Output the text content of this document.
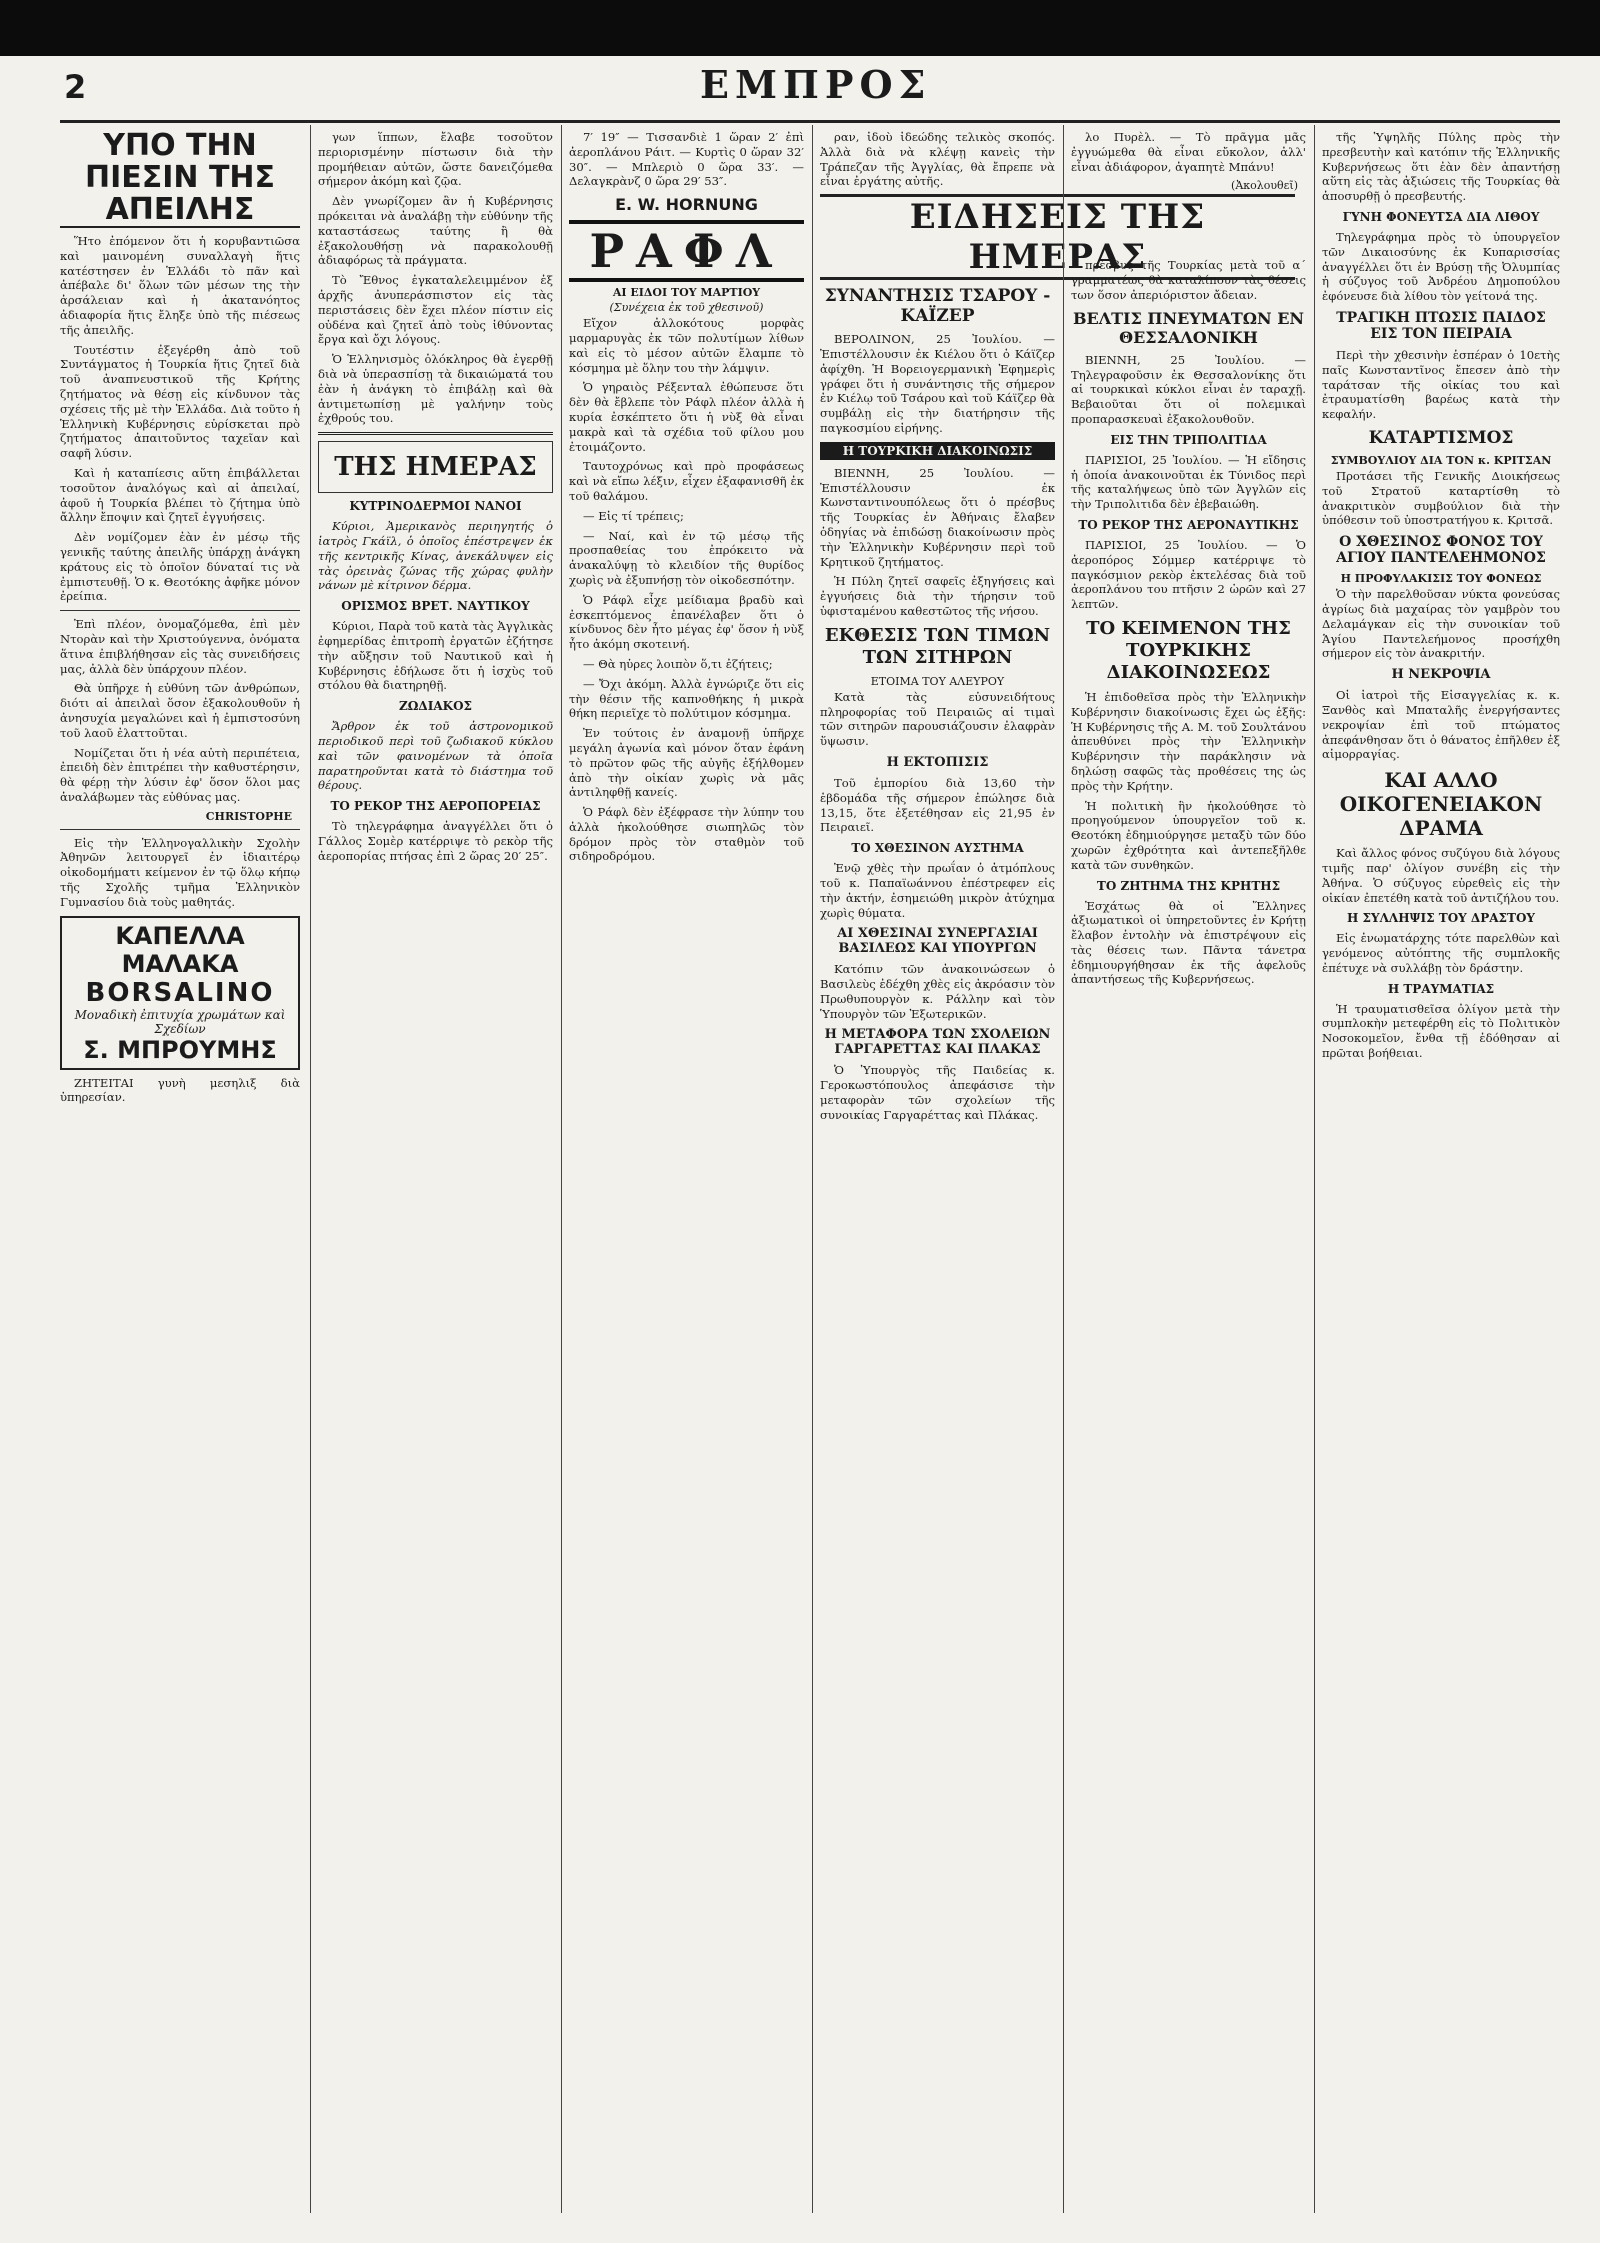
2	ΕΜΠΡΟΣ
ΥΠΟ ΤΗΝ ΠΙΕΣΙΝ ΤΗΣ ΑΠΕΙΛΗΣ

Ἥτο ἐπόμενον ὅτι ἡ κορυβαντιῶσα καὶ μαινομένη συναλλαγὴ ἥτις κατέστησεν ἐν Ἑλλάδι τὸ πᾶν καὶ ἀπέβαλε δι' ὅλων τῶν μέσων της τὴν ἀρσάλειαν καὶ ἡ ἀκατανόητος ἀδιαφορία ἥτις ἔληξε ὑπὸ τῆς πιέσεως τῆς ἀπειλῆς.

Τουτέστιν ἐξεγέρθη ἀπὸ τοῦ Συντάγματος ἡ Τουρκία ἥτις ζητεῖ διὰ τοῦ ἀναπνευστικοῦ τῆς Κρήτης ζητήματος νὰ θέσῃ εἰς κίνδυνον τὰς σχέσεις τῆς μὲ τὴν Ἑλλάδα. Διὰ τοῦτο ἡ Ἑλληνικὴ Κυβέρνησις εὑρίσκεται πρὸ ζητήματος ἀπαιτοῦντος ταχεῖαν καὶ σαφῆ λύσιν.

Καὶ ἡ καταπίεσις αὕτη ἐπιβάλλεται τοσοῦτον ἀναλόγως καὶ αἱ ἀπειλαί, ἀφοῦ ἡ Τουρκία βλέπει τὸ ζήτημα ὑπὸ ἄλλην ἔποψιν καὶ ζητεῖ ἐγγυήσεις.

Δὲν νομίζομεν ἐὰν ἐν μέσῳ τῆς γενικῆς ταύτης ἀπειλῆς ὑπάρχῃ ἀνάγκη κράτους εἰς τὸ ὁποῖον δύναταί τις νὰ ἐμπιστευθῇ. Ὁ κ. Θεοτόκης ἀφῆκε μόνον ἐρείπια.

Ἐπὶ πλέον, ὀνομαζόμεθα, ἐπὶ μὲν Ντορὰν καὶ τὴν Χριστούγεννα, ὀνόματα ἅτινα ἐπιβλήθησαν εἰς τὰς συνειδήσεις μας, ἀλλὰ δὲν ὑπάρχουν πλέον.

Θὰ ὑπῆρχε ἡ εὐθύνη τῶν ἀνθρώπων, διότι αἱ ἀπειλαὶ ὅσον ἐξακολουθοῦν ἡ ἀνησυχία μεγαλώνει καὶ ἡ ἐμπιστοσύνη τοῦ λαοῦ ἐλαττοῦται.

Νομίζεται ὅτι ἡ νέα αὐτὴ περιπέτεια, ἐπειδὴ δὲν ἐπιτρέπει τὴν καθυστέρησιν, θὰ φέρῃ τὴν λύσιν ἐφ' ὅσον ὅλοι μας ἀναλάβωμεν τὰς εὐθύνας μας.

CHRISTOPHE

Εἰς τὴν Ἑλληνογαλλικὴν Σχολὴν Ἀθηνῶν λειτουργεῖ ἐν ἰδιαιτέρῳ οἰκοδομήματι κείμενον ἐν τῷ ὅλῳ κήπῳ τῆς Σχολῆς τμῆμα Ἑλληνικὸν Γυμνασίου διὰ τοὺς μαθητάς.

ΚΑΠΕΛΛΑ ΜΑΛΑΚΑ
BORSALINO
Μοναδικὴ ἐπιτυχία χρωμάτων καὶ Σχεδίων
Σ. ΜΠΡΟΥΜΗΣ

ΖΗΤΕΙΤΑΙ γυνὴ μεσηλιξ διὰ ὑπηρεσίαν.

γων ἵππων, ἔλαβε τοσοῦτον περιορισμένην πίστωσιν διὰ τὴν προμήθειαν αὐτῶν, ὥστε δανειζόμεθα σήμερον ἀκόμη καὶ ζῷα.

Δὲν γνωρίζομεν ἂν ἡ Κυβέρνησις πρόκειται νὰ ἀναλάβῃ τὴν εὐθύνην τῆς καταστάσεως ταύτης ἢ θὰ ἐξακολουθήσῃ νὰ παρακολουθῇ ἀδιαφόρως τὰ πράγματα.

Τὸ Ἔθνος ἐγκαταλελειμμένον ἐξ ἀρχῆς ἀνυπεράσπιστον εἰς τὰς περιστάσεις δὲν ἔχει πλέον πίστιν εἰς οὐδένα καὶ ζητεῖ ἀπὸ τοὺς ἰθύνοντας ἔργα καὶ ὄχι λόγους.

Ὁ Ἑλληνισμὸς ὁλόκληρος θὰ ἐγερθῇ διὰ νὰ ὑπερασπίσῃ τὰ δικαιώματά του ἐὰν ἡ ἀνάγκη τὸ ἐπιβάλῃ καὶ θὰ ἀντιμετωπίσῃ μὲ γαλήνην τοὺς ἐχθρούς του.

ΤΗΣ ΗΜΕΡΑΣ
ΚΥΤΡΙΝΟΔΕΡΜΟΙ ΝΑΝΟΙ

Κύριοι, Ἀμερικανὸς περιηγητής ὁ ἰατρὸς Γκάϊλ, ὁ ὁποῖος ἐπέστρεψεν ἐκ τῆς κεντρικῆς Κίνας, ἀνεκάλυψεν εἰς τὰς ὀρεινὰς ζώνας τῆς χώρας φυλὴν νάνων μὲ κίτρινον δέρμα.

ΟΡΙΣΜΟΣ ΒΡΕΤ. ΝΑΥΤΙΚΟΥ

Κύριοι, Παρὰ τοῦ κατὰ τὰς Ἀγγλικὰς ἐφημερίδας ἐπιτροπὴ ἐργατῶν ἐζήτησε τὴν αὔξησιν τοῦ Ναυτικοῦ καὶ ἡ Κυβέρνησις ἐδήλωσε ὅτι ἡ ἰσχὺς τοῦ στόλου θὰ διατηρηθῇ.

ΖΩΔΙΑΚΟΣ

Ἄρθρον ἐκ τοῦ ἀστρονομικοῦ περιοδικοῦ περὶ τοῦ ζωδιακοῦ κύκλου καὶ τῶν φαινομένων τὰ ὁποῖα παρατηροῦνται κατὰ τὸ διάστημα τοῦ θέρους.

ΤΟ ΡΕΚΟΡ ΤΗΣ ΑΕΡΟΠΟΡΕΙΑΣ

Τὸ τηλεγράφημα ἀναγγέλλει ὅτι ὁ Γάλλος Σομὲρ κατέρριψε τὸ ρεκὸρ τῆς ἀεροπορίας πτήσας ἐπὶ 2 ὥρας 20′ 25″.

7′ 19″ — Τισσανδιὲ 1 ὥραν 2′ ἐπὶ ἀεροπλάνου Ράιτ. — Κυρτὶς 0 ὥραν 32′ 30″. — Μπλεριὸ 0 ὥρα 33′. — Δελαγκρὰνζ 0 ὥρα 29′ 53″.

E. W. HORNUNG
ΡΑΦΛ
ΑΙ ΕΙΔΟΙ ΤΟΥ ΜΑΡΤΙΟΥ
(Συνέχεια ἐκ τοῦ χθεσινοῦ)

Εἴχον ἀλλοκότους μορφὰς μαρμαρυγὰς ἐκ τῶν πολυτίμων λίθων καὶ εἰς τὸ μέσον αὐτῶν ἔλαμπε τὸ κόσμημα μὲ ὅλην του τὴν λάμψιν.

Ὁ γηραιὸς Ρέξενταλ ἐθώπευσε ὅτι δὲν θὰ ἔβλεπε τὸν Ράφλ πλέον ἀλλὰ ἡ κυρία ἐσκέπτετο ὅτι ἡ νὺξ θὰ εἶναι μακρὰ καὶ τὰ σχέδια τοῦ φίλου μου ἐτοιμάζοντο.

Ταυτοχρόνως καὶ πρὸ προφάσεως καὶ νὰ εἴπω λέξιν, εἶχεν ἐξαφανισθῆ ἐκ τοῦ θαλάμου.

— Εἰς τί τρέπεις;

— Ναί, καὶ ἐν τῷ μέσῳ τῆς προσπαθείας του ἐπρόκειτο νὰ ἀνακαλύψῃ τὸ κλειδίον τῆς θυρίδος χωρὶς νὰ ἐξυπνήσῃ τὸν οἰκοδεσπότην.

Ὁ Ράφλ εἶχε μείδιαμα βραδὺ καὶ ἐσκεπτόμενος ἐπανέλαβεν ὅτι ὁ κίνδυνος δὲν ἦτο μέγας ἐφ' ὅσον ἡ νὺξ ἦτο ἀκόμη σκοτεινή.

— Θὰ ηὑρες λοιπὸν ὅ,τι ἐζήτεις;

— Ὄχι ἀκόμη. Ἀλλὰ ἐγνώριζε ὅτι εἰς τὴν θέσιν τῆς καπνοθήκης ἡ μικρὰ θήκη περιεῖχε τὸ πολύτιμον κόσμημα.

Ἐν τούτοις ἐν ἀναμονῇ ὑπῆρχε μεγάλη ἀγωνία καὶ μόνον ὅταν ἐφάνη τὸ πρῶτον φῶς τῆς αὐγῆς ἐξήλθομεν ἀπὸ τὴν οἰκίαν χωρὶς νὰ μᾶς ἀντιληφθῇ κανείς.

Ὁ Ράφλ δὲν ἐξέφρασε τὴν λύπην του ἀλλὰ ἠκολούθησε σιωπηλῶς τὸν δρόμον πρὸς τὸν σταθμὸν τοῦ σιδηροδρόμου.

ραν, ἰδοὺ ἰδεώδης τελικὸς σκοπός. Ἀλλὰ διὰ νὰ κλέψῃ κανεὶς τὴν Τράπεζαν τῆς Ἀγγλίας, θὰ ἔπρεπε νὰ εἶναι ἐργάτης αὐτῆς.

ΕΙΔΗΣΕΙΣ ΤΗΣ ΗΜΕΡΑΣ
ΣΥΝΑΝΤΗΣΙΣ ΤΣΑΡΟΥ - ΚΑΪΖΕΡ

ΒΕΡΟΛΙΝΟΝ, 25 Ἰουλίου. — Ἐπιστέλλουσιν ἐκ Κιέλου ὅτι ὁ Κάϊζερ ἀφίχθη. Ἡ Βορειογερμανικὴ Ἐφημερὶς γράφει ὅτι ἡ συνάντησις τῆς σήμερον ἐν Κιέλῳ τοῦ Τσάρου καὶ τοῦ Κάϊζερ θὰ συμβάλῃ εἰς τὴν διατήρησιν τῆς παγκοσμίου εἰρήνης.

Η ΤΟΥΡΚΙΚΗ ΔΙΑΚΟΙΝΩΣΙΣ

ΒΙΕΝΝΗ, 25 Ἰουλίου. — Ἐπιστέλλουσιν ἐκ Κωνσταντινουπόλεως ὅτι ὁ πρέσβυς τῆς Τουρκίας ἐν Ἀθήναις ἔλαβεν ὁδηγίας νὰ ἐπιδώσῃ διακοίνωσιν πρὸς τὴν Ἑλληνικὴν Κυβέρνησιν περὶ τοῦ Κρητικοῦ ζητήματος.

Ἡ Πύλη ζητεῖ σαφεῖς ἐξηγήσεις καὶ ἐγγυήσεις διὰ τὴν τήρησιν τοῦ ὑφισταμένου καθεστῶτος τῆς νήσου.

ΕΚΘΕΣΙΣ ΤΩΝ ΤΙΜΩΝ ΤΩΝ ΣΙΤΗΡΩΝ
ΕΤΟΙΜΑ ΤΟΥ ΑΛΕΥΡΟΥ

Κατὰ τὰς εὐσυνειδήτους πληροφορίας τοῦ Πειραιῶς αἱ τιμαὶ τῶν σιτηρῶν παρουσιάζουσιν ἐλαφρὰν ὕψωσιν.

Η ΕΚΤΟΠΙΣΙΣ

Τοῦ ἐμπορίου διὰ 13,60 τὴν ἑβδομάδα τῆς σήμερον ἐπώλησε διὰ 13,15, ὅτε ἐξετέθησαν εἰς 21,95 ἐν Πειραιεῖ.

ΤΟ ΧΘΕΣΙΝΟΝ ΑΥΣΤΗΜΑ

Ἐνῷ χθὲς τὴν πρωΐαν ὁ ἀτμόπλους τοῦ κ. Παπαϊωάννου ἐπέστρεφεν εἰς τὴν ἀκτήν, ἐσημειώθη μικρὸν ἀτύχημα χωρὶς θύματα.

ΑΙ ΧΘΕΣΙΝΑΙ ΣΥΝΕΡΓΑΣΙΑΙ ΒΑΣΙΛΕΩΣ ΚΑΙ ΥΠΟΥΡΓΩΝ

Κατόπιν τῶν ἀνακοινώσεων ὁ Βασιλεὺς ἐδέχθη χθὲς εἰς ἀκρόασιν τὸν Πρωθυπουργὸν κ. Ράλλην καὶ τὸν Ὑπουργὸν τῶν Ἐξωτερικῶν.

Η ΜΕΤΑΦΟΡΑ ΤΩΝ ΣΧΟΛΕΙΩΝ ΓΑΡΓΑΡΕΤΤΑΣ ΚΑΙ ΠΛΑΚΑΣ

Ὁ Ὑπουργὸς τῆς Παιδείας κ. Γεροκωστόπουλος ἀπεφάσισε τὴν μεταφορὰν τῶν σχολείων τῆς συνοικίας Γαργαρέττας καὶ Πλάκας.

λο Πυρὲλ. — Τὸ πρᾶγμα μᾶς ἐγγυώμεθα θὰ εἶναι εὔκολον, ἀλλ' εἶναι ἀδιάφορον, ἀγαπητὲ Μπάνυ!

(Ἀκολουθεῖ)

πρέσβυς τῆς Τουρκίας μετὰ τοῦ α΄ γραμματέως θὰ καταλίπουν τὰς θέσεις των ὅσον ἀπεριόριστον ἄδειαν.

ΒΕΛΤΙΣ ΠΝΕΥΜΑΤΩΝ ΕΝ ΘΕΣΣΑΛΟΝΙΚΗ

ΒΙΕΝΝΗ, 25 Ἰουλίου. — Τηλεγραφοῦσιν ἐκ Θεσσαλονίκης ὅτι αἱ τουρκικαὶ κύκλοι εἶναι ἐν ταραχῇ. Βεβαιοῦται ὅτι οἱ πολεμικαὶ προπαρασκευαὶ ἐξακολουθοῦν.

ΕΙΣ ΤΗΝ ΤΡΙΠΟΛΙΤΙΔΑ

ΠΑΡΙΣΙΟΙ, 25 Ἰουλίου. — Ἡ εἴδησις ἡ ὁποία ἀνακοινοῦται ἐκ Τύνιδος περὶ τῆς καταλήψεως ὑπὸ τῶν Ἀγγλῶν εἰς τὴν Τριπολιτιδα δὲν ἐβεβαιώθη.

ΤΟ ΡΕΚΟΡ ΤΗΣ ΑΕΡΟΝΑΥΤΙΚΗΣ

ΠΑΡΙΣΙΟΙ, 25 Ἰουλίου. — Ὁ ἀεροπόρος Σόμμερ κατέρριψε τὸ παγκόσμιον ρεκὸρ ἐκτελέσας διὰ τοῦ ἀεροπλάνου του πτῆσιν 2 ὡρῶν καὶ 27 λεπτῶν.

ΤΟ ΚΕΙΜΕΝΟΝ ΤΗΣ ΤΟΥΡΚΙΚΗΣ ΔΙΑΚΟΙΝΩΣΕΩΣ

Ἡ ἐπιδοθεῖσα πρὸς τὴν Ἑλληνικὴν Κυβέρνησιν διακοίνωσις ἔχει ὡς ἑξῆς: Ἡ Κυβέρνησις τῆς Α. Μ. τοῦ Σουλτάνου ἀπευθύνει πρὸς τὴν Ἑλληνικὴν Κυβέρνησιν τὴν παράκλησιν νὰ δηλώσῃ σαφῶς τὰς προθέσεις της ὡς πρὸς τὴν Κρήτην.

Ἡ πολιτικὴ ἣν ἠκολούθησε τὸ προηγούμενον ὑπουργεῖον τοῦ κ. Θεοτόκη ἐδημιούργησε μεταξὺ τῶν δύο χωρῶν ἐχθρότητα καὶ ἀντεπεξῆλθε κατὰ τῶν συνθηκῶν.

ΤΟ ΖΗΤΗΜΑ ΤΗΣ ΚΡΗΤΗΣ

Ἐσχάτως θὰ οἱ Ἕλληνες ἀξιωματικοὶ οἱ ὑπηρετοῦντες ἐν Κρήτῃ ἔλαβον ἐντολὴν νὰ ἐπιστρέψουν εἰς τὰς θέσεις των. Πᾶντα τάνετρα ἐδημιουργήθησαν ἐκ τῆς ἀφελοῦς ἀπαντήσεως τῆς Κυβερνήσεως.

τῆς Ὑψηλῆς Πύλης πρὸς τὴν πρεσβευτὴν καὶ κατόπιν τῆς Ἑλληνικῆς Κυβερνήσεως ὅτι ἐὰν δὲν ἀπαντήσῃ αὕτη εἰς τὰς ἀξιώσεις τῆς Τουρκίας θὰ ἀποσυρθῇ ὁ πρεσβευτής.

ΓΥΝΗ ΦΟΝΕΥΤΣΑ ΔΙΑ ΛΙΘΟΥ

Τηλεγράφημα πρὸς τὸ ὑπουργεῖον τῶν Δικαιοσύνης ἐκ Κυπαρισσίας ἀναγγέλλει ὅτι ἐν Βρύσῃ τῆς Ὀλυμπίας ἡ σύζυγος τοῦ Ἀνδρέου Δημοπούλου ἐφόνευσε διὰ λίθου τὸν γείτονά της.

ΤΡΑΓΙΚΗ ΠΤΩΣΙΣ ΠΑΙΔΟΣ ΕΙΣ ΤΟΝ ΠΕΙΡΑΙΑ

Περὶ τὴν χθεσινὴν ἑσπέραν ὁ 10ετὴς παῖς Κωνσταντῖνος ἔπεσεν ἀπὸ τὴν ταράτσαν τῆς οἰκίας του καὶ ἐτραυματίσθη βαρέως κατὰ τὴν κεφαλήν.

ΚΑΤΑΡΤΙΣΜΟΣ
ΣΥΜΒΟΥΛΙΟΥ ΔΙΑ ΤΟΝ κ. ΚΡΙΤΣΑΝ

Προτάσει τῆς Γενικῆς Διοικήσεως τοῦ Στρατοῦ καταρτίσθη τὸ ἀνακριτικὸν συμβούλιον διὰ τὴν ὑπόθεσιν τοῦ ὑποστρατήγου κ. Κριτσᾶ.

Ο ΧΘΕΣΙΝΟΣ ΦΟΝΟΣ ΤΟΥ ΑΓΙΟΥ ΠΑΝΤΕΛΕΗΜΟΝΟΣ
Η ΠΡΟΦΥΛΑΚΙΣΙΣ ΤΟΥ ΦΟΝΕΩΣ

Ὁ τὴν παρελθοῦσαν νύκτα φονεύσας ἀγρίως διὰ μαχαίρας τὸν γαμβρὸν του Δελαμάγκαν εἰς τὴν συνοικίαν τοῦ Ἁγίου Παντελεήμονος προσήχθη σήμερον εἰς τὸν ἀνακριτήν.

Η ΝΕΚΡΟΨΙΑ

Οἱ ἰατροὶ τῆς Εἰσαγγελίας κ. κ. Ξανθὸς καὶ Μπαταλῆς ἐνεργήσαντες νεκροψίαν ἐπὶ τοῦ πτώματος ἀπεφάνθησαν ὅτι ὁ θάνατος ἐπῆλθεν ἐξ αἱμορραγίας.

ΚΑΙ ΑΛΛΟ ΟΙΚΟΓΕΝΕΙΑΚΟΝ ΔΡΑΜΑ

Καὶ ἄλλος φόνος συζύγου διὰ λόγους τιμῆς παρ' ὀλίγον συνέβη εἰς τὴν Ἀθήνα. Ὁ σύζυγος εὑρεθεὶς εἰς τὴν οἰκίαν ἐπετέθη κατὰ τοῦ ἀντιζήλου του.

Η ΣΥΛΛΗΨΙΣ ΤΟΥ ΔΡΑΣΤΟΥ

Εἰς ἐνωματάρχης τότε παρελθὼν καὶ γενόμενος αὐτόπτης τῆς συμπλοκῆς ἐπέτυχε νὰ συλλάβῃ τὸν δράστην.

Η ΤΡΑΥΜΑΤΙΑΣ

Ἡ τραυματισθεῖσα ὀλίγον μετὰ τὴν συμπλοκὴν μετεφέρθη εἰς τὸ Πολιτικὸν Νοσοκομεῖον, ἔνθα τῇ ἐδόθησαν αἱ πρῶται βοήθειαι.
